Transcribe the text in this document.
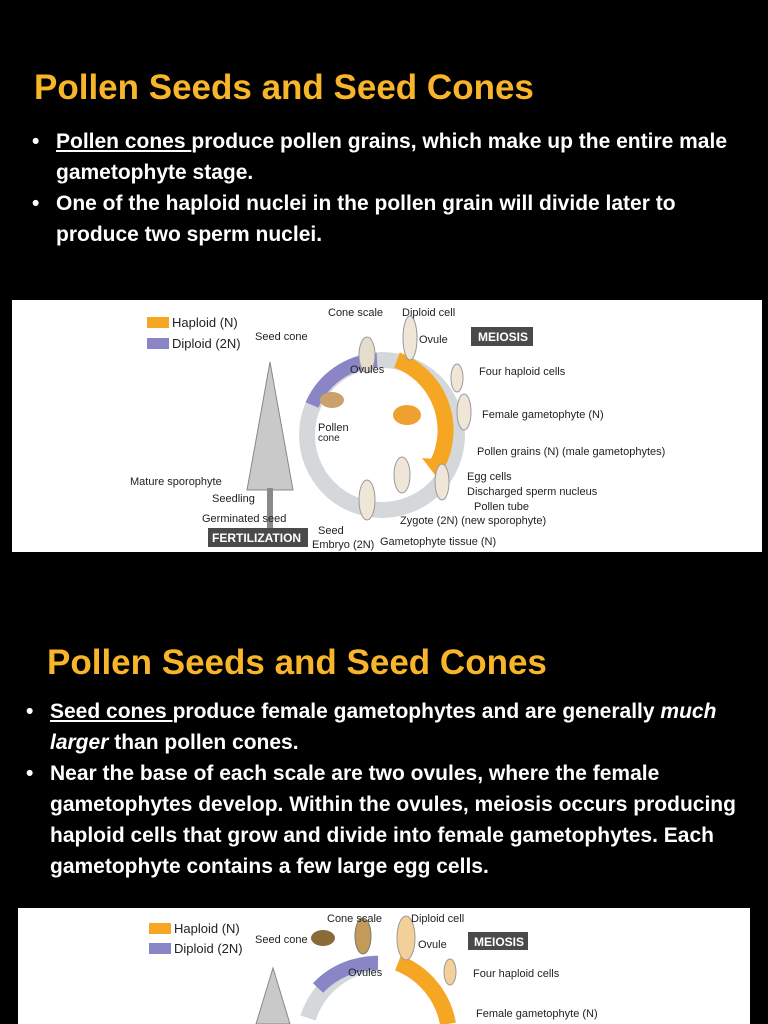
Pollen Seeds and Seed Cones
• Pollen cones produce pollen grains, which make up the entire male gametophyte stage.
• One of the haploid nuclei in the pollen grain will divide later to produce two sperm nuclei.
Haploid (N)
Diploid (2N)
Cone scale Diploid cell
Seed cone	Ovule	MEIOSIS
Ovules	Four haploid cells
Pollen
cone
Female gametophyte (N)
Pollen grains (N) (male gametophytes)
Mature sporophyte	Egg cells
Discharged sperm nucleus
Seedling
Pollen tube
Germinated seed	Zygote (2N) (new sporophyte)
Seed
FERTILIZATION Embryo (2N) Gametophyte tissue (N)
Pollen Seeds and Seed Cones
• Seed cones produce female gametophytes and are generally much larger than pollen cones.
• Near the base of each scale are two ovules, where the female gametophytes develop. Within the ovules, meiosis occurs producing haploid cells that grow and divide into female gametophytes. Each gametophyte contains a few large egg cells.
Haploid (N)
Diploid (2N)
Cone scale	Diploid cell
Seed cone	Ovule MEIOSIS
Ovules	Four haploid cells
Female gametophyte (N)
